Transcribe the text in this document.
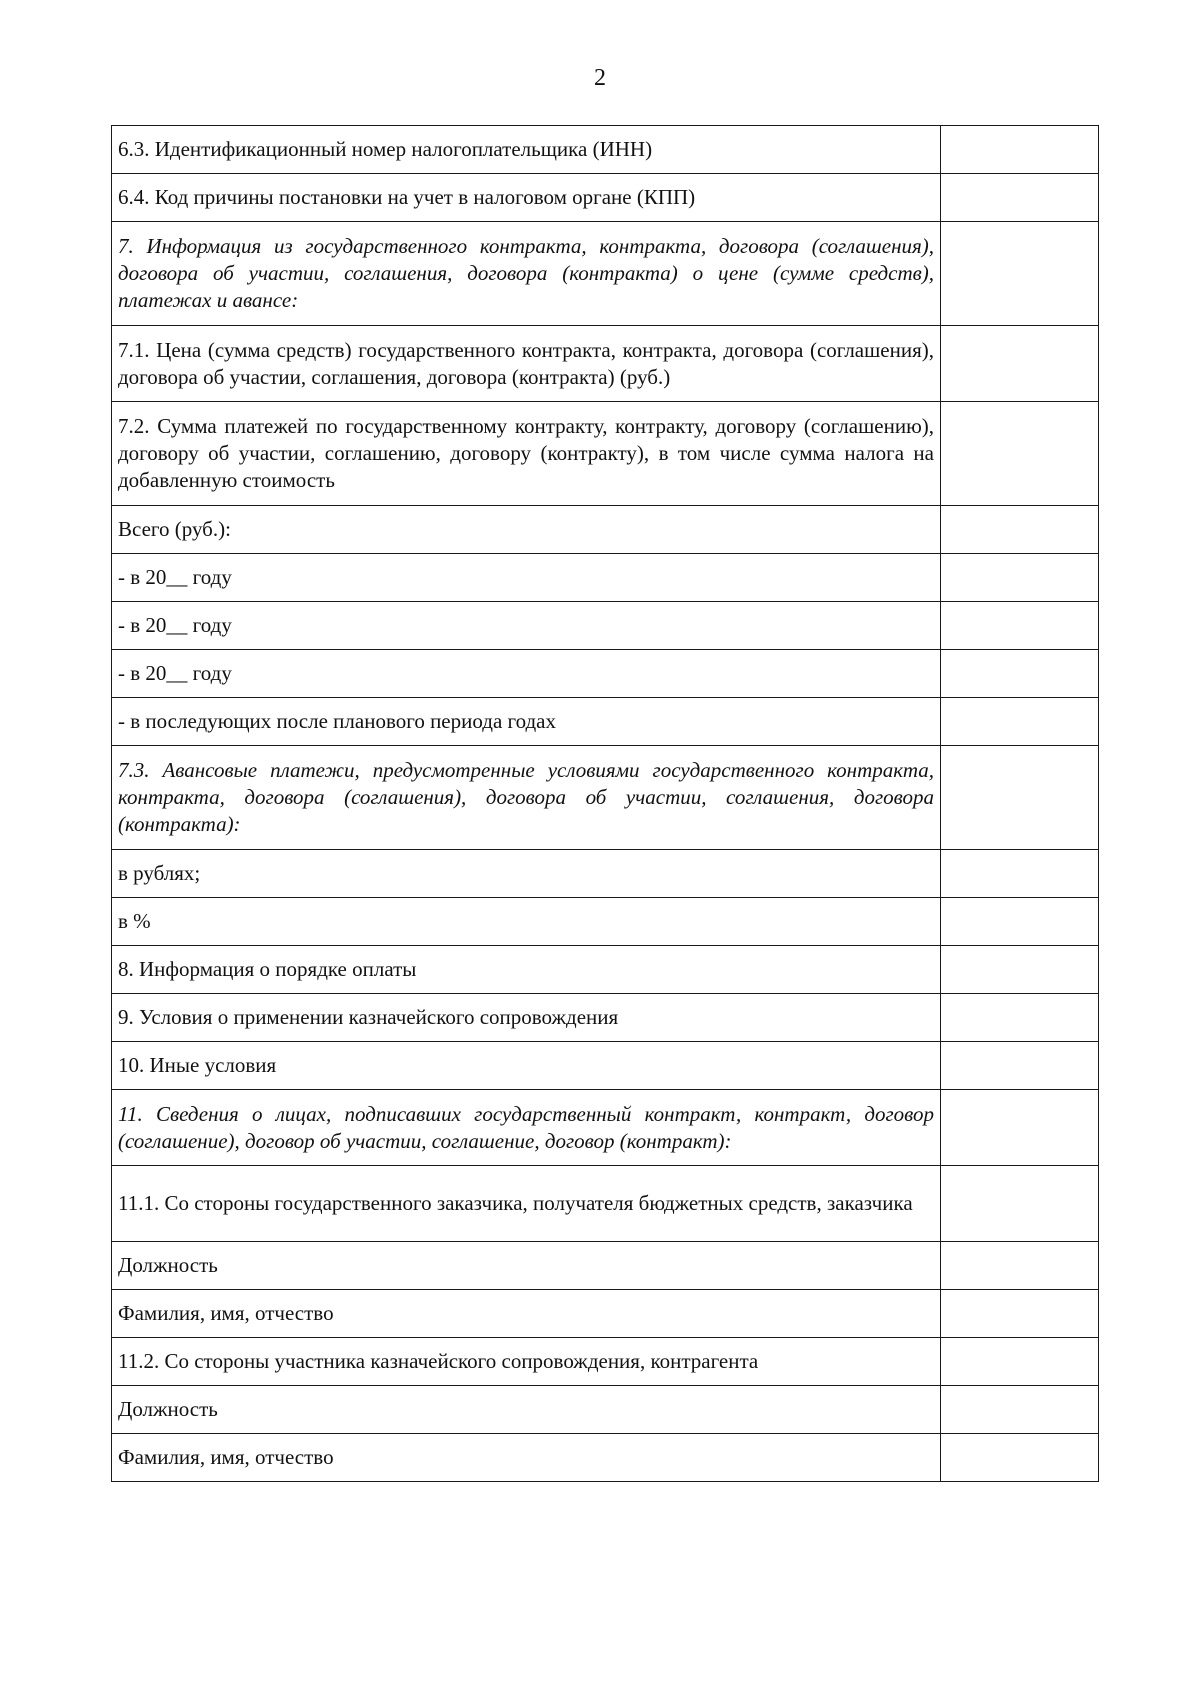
2
6.3. Идентификационный номер налогоплательщика (ИНН)	
6.4. Код причины постановки на учет в налоговом органе (КПП)	
7. Информация из государственного контракта, контракта, договора (соглашения), договора об участии, соглашения, договора (контракта) о цене (сумме средств), платежах и авансе:	
7.1. Цена (сумма средств) государственного контракта, контракта, договора (соглашения), договора об участии, соглашения, договора (контракта) (руб.)	
7.2. Сумма платежей по государственному контракту, контракту, договору (соглашению), договору об участии, соглашению, договору (контракту), в том числе сумма налога на добавленную стоимость	
Всего (руб.):	
- в 20__ году	
- в 20__ году	
- в 20__ году	
- в последующих после планового периода годах	
7.3. Авансовые платежи, предусмотренные условиями государственного контракта, контракта, договора (соглашения), договора об участии, соглашения, договора (контракта):	
в рублях;	
в %	
8. Информация о порядке оплаты	
9. Условия о применении казначейского сопровождения	
10. Иные условия	
11. Сведения о лицах, подписавших государственный контракт, контракт, договор (соглашение), договор об участии, соглашение, договор (контракт):	
11.1. Со стороны государственного заказчика, получателя бюджетных средств, заказчика	
Должность	
Фамилия, имя, отчество	
11.2. Со стороны участника казначейского сопровождения, контрагента	
Должность	
Фамилия, имя, отчество	
